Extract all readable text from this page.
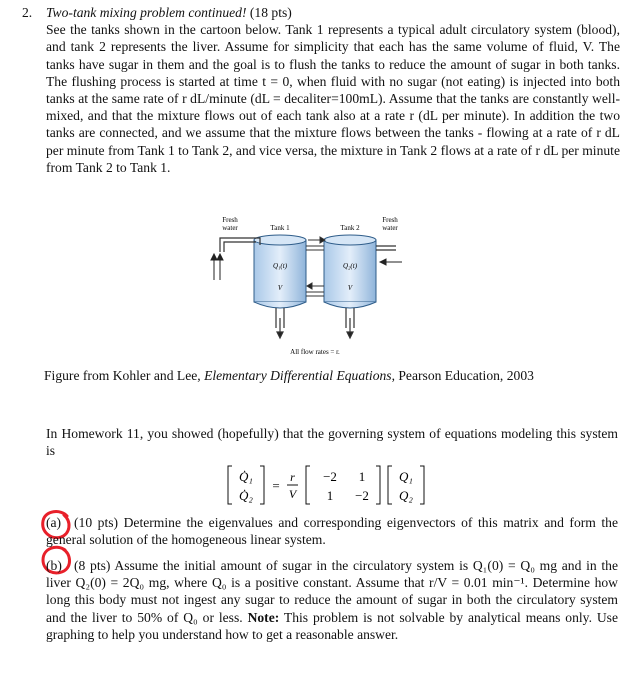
2. Two-tank mixing problem continued! (18 pts)

See the tanks shown in the cartoon below. Tank 1 represents a typical adult circulatory system (blood), and tank 2 represents the liver. Assume for simplicity that each has the same volume of fluid, V. The tanks have sugar in them and the goal is to flush the tanks to reduce the amount of sugar in both tanks. The flushing process is started at time t = 0, when fluid with no sugar (not eating) is injected into both tanks at the same rate of r dL/minute (dL = decaliter=100mL). Assume that the tanks are constantly well-mixed, and that the mixture flows out of each tank also at a rate r (dL per minute). In addition the two tanks are connected, and we assume that the mixture flows between the tanks - flowing at a rate of r dL per minute from Tank 1 to Tank 2, and vice versa, the mixture in Tank 2 flows at a rate of r dL per minute from Tank 2 to Tank 1.

Fresh
water
Fresh
water
Tank 1	Tank 2
Q₁(t)	Q₂(t)
V	V
All flow rates = r.
Figure from Kohler and Lee, Elementary Differential Equations, Pearson Education, 2003
In Homework 11, you showed (hopefully) that the governing system of equations modeling this system is
Q̇₁
Q̇₂
=
r
V
−2 1
1 −2
Q₁
Q₂
(a) (10 pts) Determine the eigenvalues and corresponding eigenvectors of this matrix and form the general solution of the homogeneous linear system.
(b) (8 pts) Assume the initial amount of sugar in the circulatory system is Q₁(0) = Q₀ mg and in the liver Q₂(0) = 2Q₀ mg, where Q₀ is a positive constant. Assume that r/V = 0.01 min⁻¹. Determine how long this body must not ingest any sugar to reduce the amount of sugar in both the circulatory system and the liver to 50% of Q₀ or less. Note: This problem is not solvable by analytical means only. Use graphing to help you understand how to get a reasonable answer.
